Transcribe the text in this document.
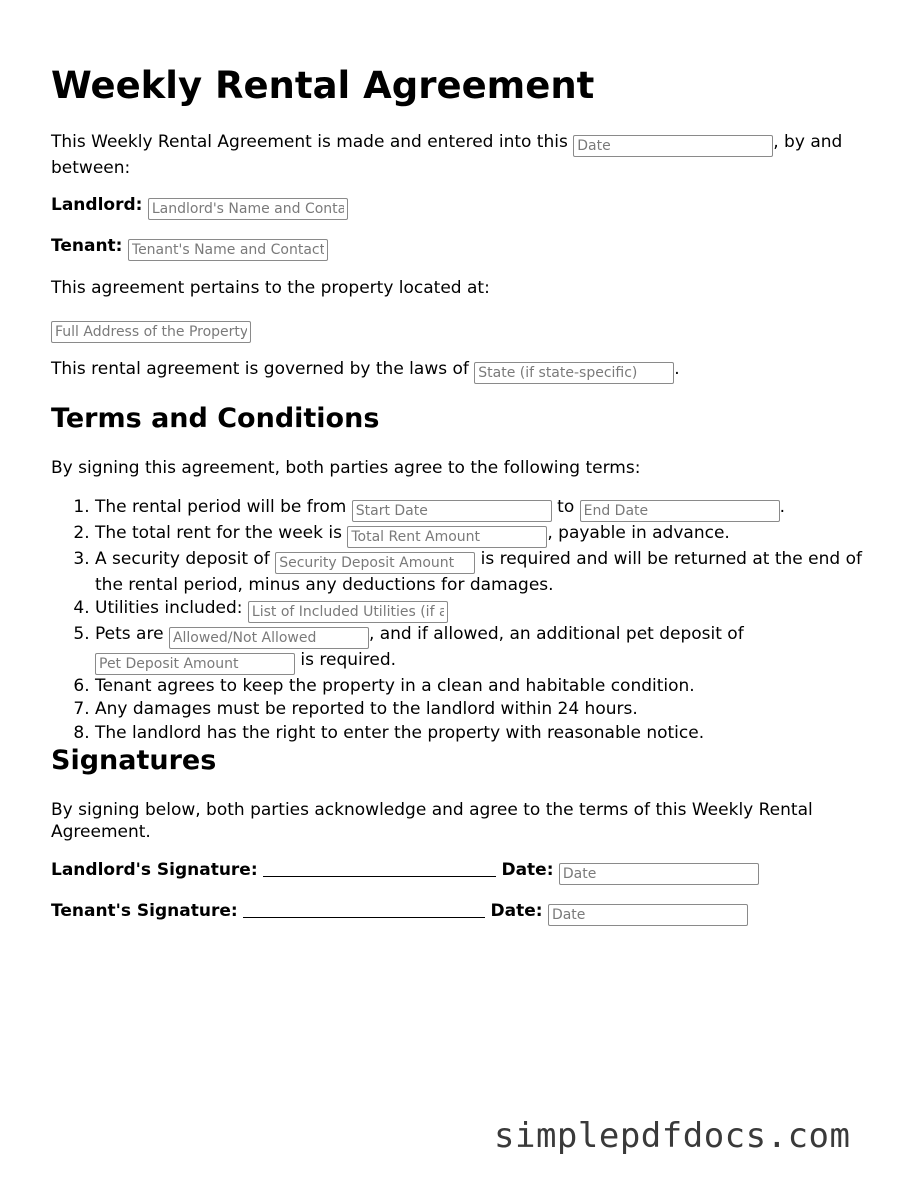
Weekly Rental Agreement

This Weekly Rental Agreement is made and entered into this Date	, by and between:

Landlord: Landlord's Name and Contact

Tenant: Tenant's Name and Contact

This agreement pertains to the property located at:

Full Address of the Property

This rental agreement is governed by the laws of State (if state-specific)	.

Terms and Conditions

By signing this agreement, both parties agree to the following terms:

1. The rental period will be from Start Date	to End Date	.
2. The total rent for the week is Total Rent Amount	, payable in advance.
3. A security deposit of Security Deposit Amount	is required and will be returned at the end of the rental period, minus any deductions for damages.
4. Utilities included: List of Included Utilities (if any)
5. Pets are Allowed/Not Allowed	, and if allowed, an additional pet deposit of Pet Deposit Amount is required.
6. Tenant agrees to keep the property in a clean and habitable condition.
7. Any damages must be reported to the landlord within 24 hours.
8. The landlord has the right to enter the property with reasonable notice.
Signatures

By signing below, both parties acknowledge and agree to the terms of this Weekly Rental Agreement.

Landlord's Signature:	Date: Date

Tenant's Signature:	Date: Date

simplepdfdocs.com
